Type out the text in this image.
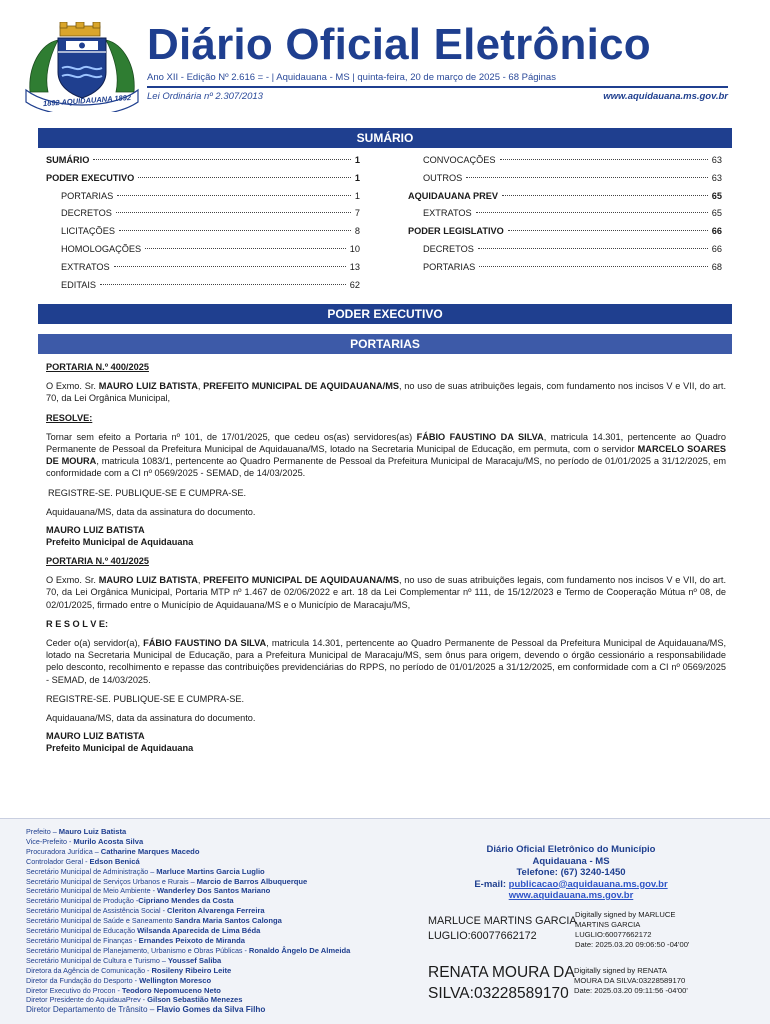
1892 AQUIDAUANA 1892
Diário Oficial Eletrônico
Ano XII - Edição Nº 2.616 = - | Aquidauana - MS | quinta-feira, 20 de março de 2025 - 68 Páginas
Lei Ordinária nº 2.307/2013	www.aquidauana.ms.gov.br
SUMÁRIO
SUMÁRIO	1
PODER EXECUTIVO	1
PORTARIAS	1
DECRETOS	7
LICITAÇÕES	8
HOMOLOGAÇÕES	10
EXTRATOS	13
EDITAIS	62
CONVOCAÇÕES	63
OUTROS	63
AQUIDAUANA PREV	65
EXTRATOS	65
PODER LEGISLATIVO	66
DECRETOS	66
PORTARIAS	68
PODER EXECUTIVO
PORTARIAS

PORTARIA N.º 400/2025

O Exmo. Sr. MAURO LUIZ BATISTA, PREFEITO MUNICIPAL DE AQUIDAUANA/MS, no uso de suas atribuições legais, com fundamento nos incisos V e VII, do art. 70, da Lei Orgânica Municipal,

RESOLVE:

Tornar sem efeito a Portaria nº 101, de 17/01/2025, que cedeu os(as) servidores(as) FÁBIO FAUSTINO DA SILVA, matricula 14.301, pertencente ao Quadro Permanente de Pessoal da Prefeitura Municipal de Aquidauana/MS, lotado na Secretaria Municipal de Educação, em permuta, com o servidor MARCELO SOARES DE MOURA, matricula 1083/1, pertencente ao Quadro Permanente de Pessoal da Prefeitura Municipal de Maracaju/MS, no período de 01/01/2025 a 31/12/2025, em conformidade com a CI nº 0569/2025 - SEMAD, de 14/03/2025.

REGISTRE-SE. PUBLIQUE-SE E CUMPRA-SE.

Aquidauana/MS, data da assinatura do documento.

MAURO LUIZ BATISTA
Prefeito Municipal de Aquidauana

PORTARIA N.º 401/2025

O Exmo. Sr. MAURO LUIZ BATISTA, PREFEITO MUNICIPAL DE AQUIDAUANA/MS, no uso de suas atribuições legais, com fundamento nos incisos V e VII, do art. 70, da Lei Orgânica Municipal, Portaria MTP nº 1.467 de 02/06/2022 e art. 18 da Lei Complementar nº 111, de 15/12/2023 e Termo de Cooperação Mútua nº 08, de 02/01/2025, firmado entre o Município de Aquidauana/MS e o Município de Maracaju/MS,

R E S O L V E:

Ceder o(a) servidor(a), FÁBIO FAUSTINO DA SILVA, matricula 14.301, pertencente ao Quadro Permanente de Pessoal da Prefeitura Municipal de Aquidauana/MS, lotado na Secretaria Municipal de Educação, para a Prefeitura Municipal de Maracaju/MS, sem ônus para origem, devendo o órgão cessionário a responsabilidade pelo desconto, recolhimento e repasse das contribuições previdenciárias do RPPS, no período de 01/01/2025 a 31/12/2025, em conformidade com a CI nº 0569/2025 - SEMAD, de 14/03/2025.

REGISTRE-SE. PUBLIQUE-SE E CUMPRA-SE.

Aquidauana/MS, data da assinatura do documento.

MAURO LUIZ BATISTA
Prefeito Municipal de Aquidauana

Prefeito – Mauro Luiz Batista
Vice-Prefeito - Murilo Acosta Silva
Procuradora Jurídica – Catharine Marques Macedo
Controlador Geral - Edson Benicá
Secretário Municipal de Administração – Marluce Martins Garcia Luglio
Secretário Municipal de Serviços Urbanos e Rurais – Marcio de Barros Albuquerque
Secretário Municipal de Meio Ambiente - Wanderley Dos Santos Mariano
Secretário Municipal de Produção -Cipriano Mendes da Costa
Secretário Municipal de Assistência Social - Cleriton Alvarenga Ferreira
Secretário Municipal de Saúde e Saneamento Sandra Maria Santos Calonga
Secretário Municipal de Educação Wilsanda Aparecida de Lima Béda
Secretário Municipal de Finanças - Ernandes Peixoto de Miranda
Secretário Municipal de Planejamento, Urbanismo e Obras Públicas - Ronaldo Ângelo De Almeida
Secretário Municipal de Cultura e Turismo – Youssef Saliba
Diretora da Agência de Comunicação - Rosileny Ribeiro Leite
Diretor da Fundação do Desporto - Wellington Moresco
Diretor Executivo do Procon - Teodoro Nepomuceno Neto
Diretor Presidente do AquidauaPrev - Gilson Sebastião Menezes
Diretor Departamento de Trânsito – Flavio Gomes da Silva Filho
Diário Oficial Eletrônico do Município
Aquidauana - MS
Telefone: (67) 3240-1450
E-mail: publicacao@aquidauana.ms.gov.br
www.aquidauana.ms.gov.br
MARLUCE MARTINS GARCIA
LUGLIO:60077662172
Digitally signed by MARLUCE
MARTINS GARCIA
LUGLIO:60077662172
Date: 2025.03.20 09:06:50 -04'00'
RENATA MOURA DA
SILVA:03228589170
Digitally signed by RENATA
MOURA DA SILVA:03228589170
Date: 2025.03.20 09:11:56 -04'00'
